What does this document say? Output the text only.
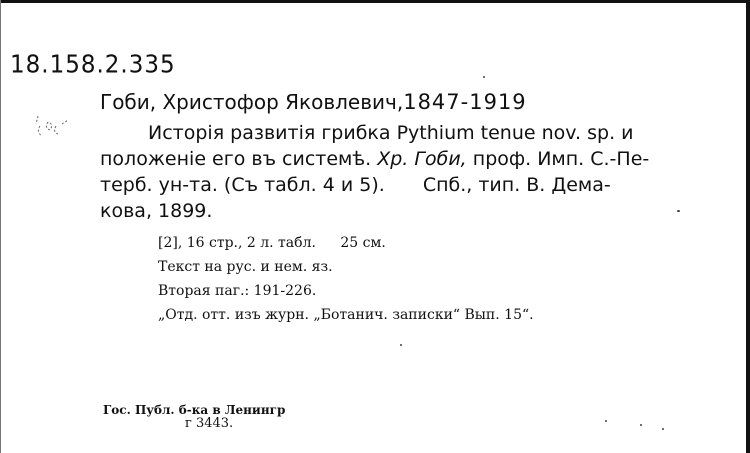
18.158.2.335
Гоби, Христофор Яковлевич,1847-1919
Исторія развитія грибка Pythium tenue nov. sp. и
положеніе его въ системѣ. Хр. Гоби, проф. Имп. С.-Пе-
терб. ун-та. (Съ табл. 4 и 5). Спб., тип. В. Дема-
кова, 1899.
[2], 16 стр., 2 л. табл. 25 см.
Текст на рус. и нем. яз.
Вторая паг.: 191-226.
„Отд. отт. изъ журн. „Ботанич. записки“ Вып. 15“.
Гос. Публ. б-ка в Ленингр
г 3443.
